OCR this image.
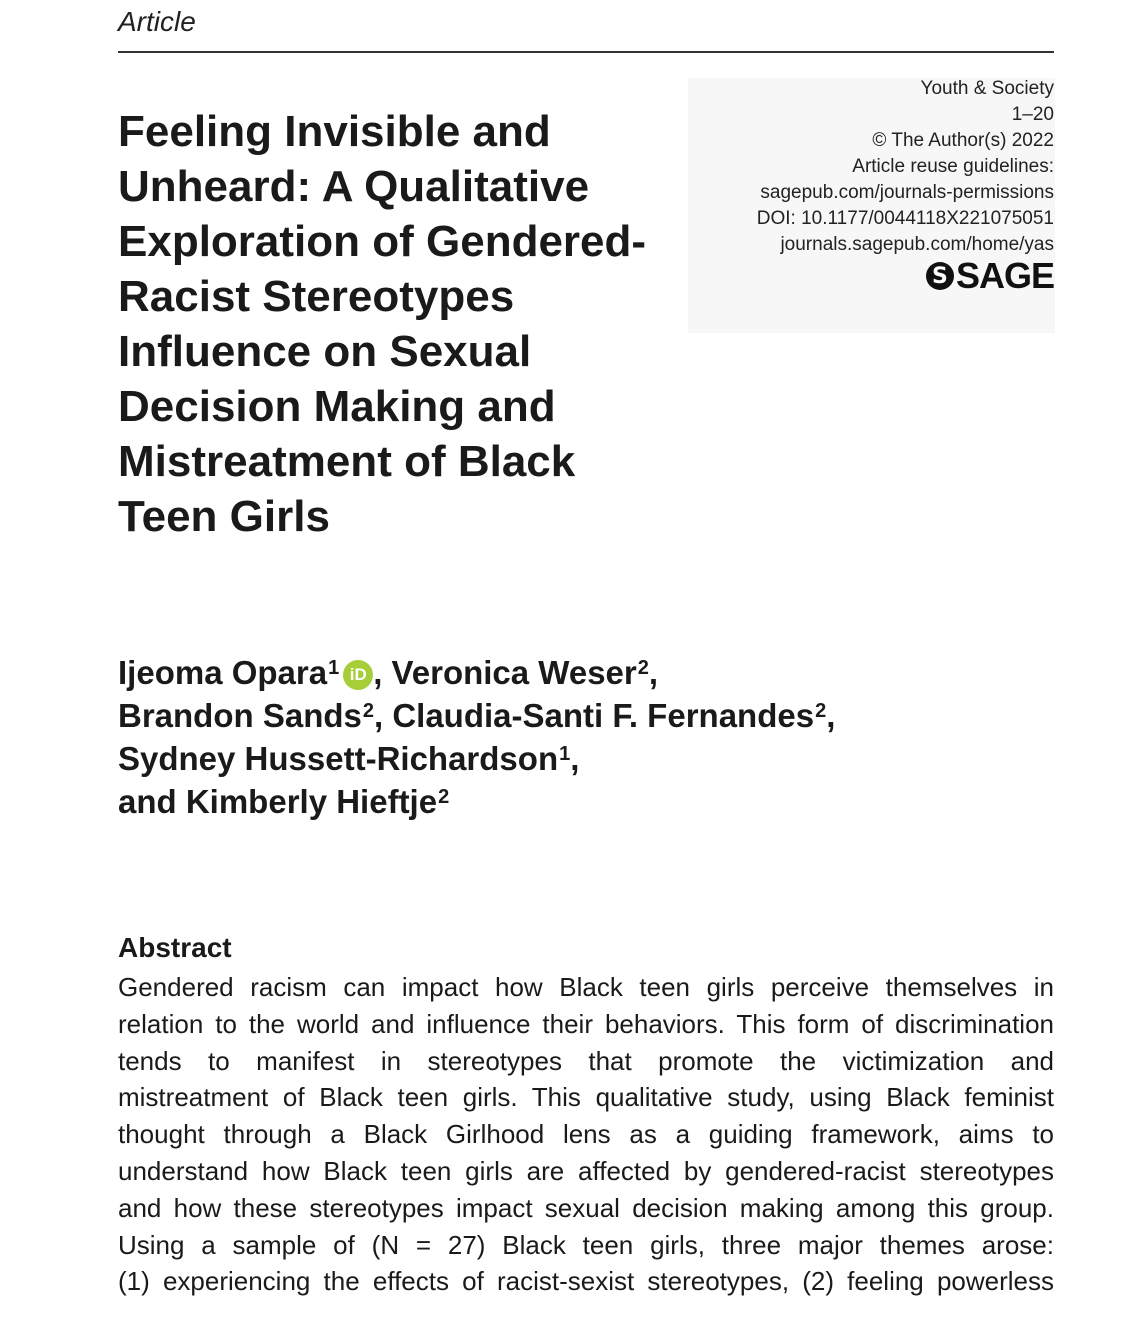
Article
Youth & Society
1–20
© The Author(s) 2022
Article reuse guidelines:
sagepub.com/journals-permissions
DOI: 10.1177/0044118X221075051
journals.sagepub.com/home/yas
S SAGE
Feeling Invisible and
Unheard: A Qualitative
Exploration of Gendered-
Racist Stereotypes
Influence on Sexual
Decision Making and
Mistreatment of Black
Teen Girls
Ijeoma Opara$^1$ iD , Veronica Weser$^2$,
Brandon Sands$^2$, Claudia-Santi F. Fernandes$^2$,
Sydney Hussett-Richardson$^1$,
and Kimberly Hieftje$^2$
Abstract
Gendered racism can impact how Black teen girls perceive themselves in
relation to the world and influence their behaviors. This form of discrimination
tends to manifest in stereotypes that promote the victimization and
mistreatment of Black teen girls. This qualitative study, using Black feminist
thought through a Black Girlhood lens as a guiding framework, aims to
understand how Black teen girls are affected by gendered-racist stereotypes
and how these stereotypes impact sexual decision making among this group.
Using a sample of (N = 27) Black teen girls, three major themes arose:
(1) experiencing the effects of racist-sexist stereotypes, (2) feeling powerless
